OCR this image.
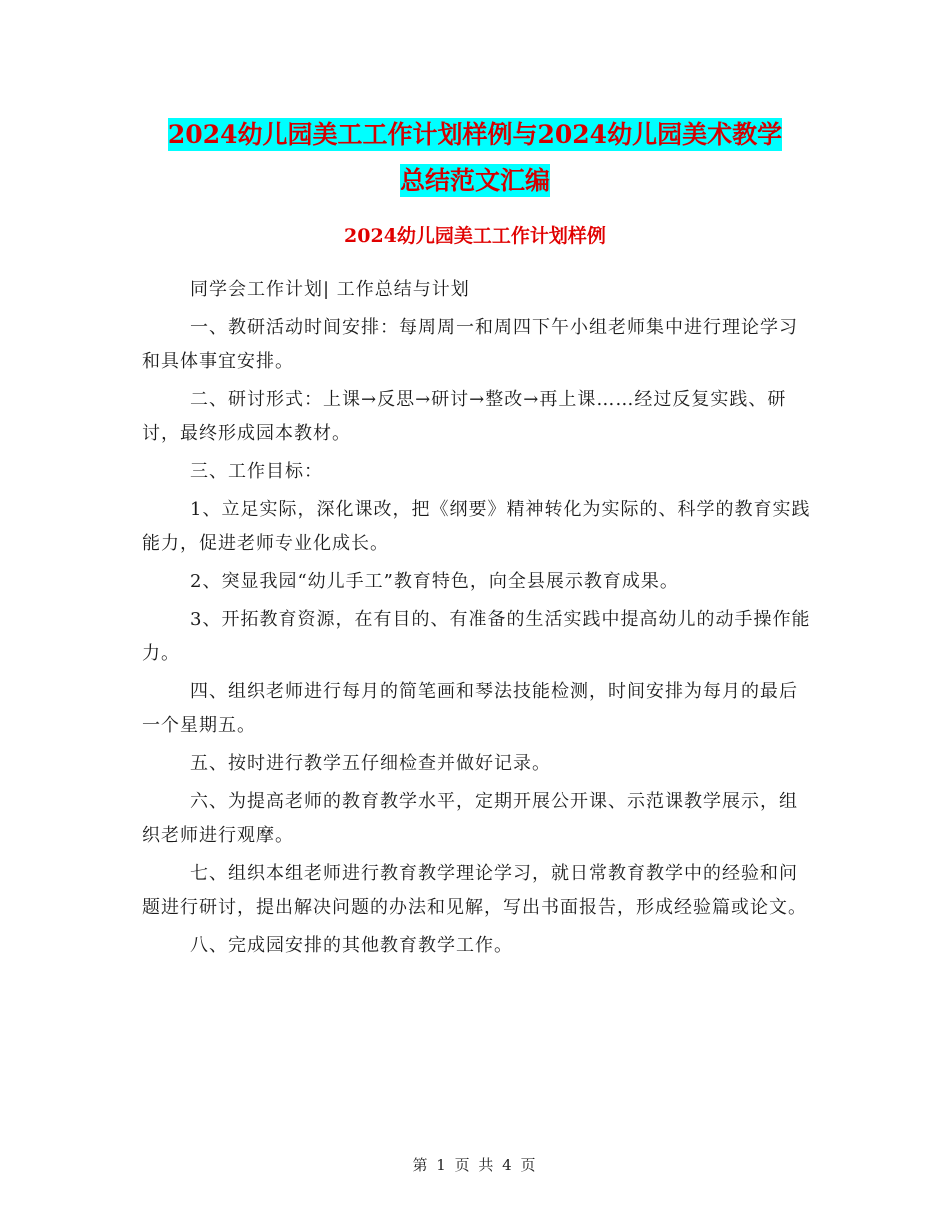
2024幼儿园美工工作计划样例与2024幼儿园美术教学
总结范文汇编
2024幼儿园美工工作计划样例

同学会工作计划| 工作总结与计划

一、教研活动时间安排：每周周一和周四下午小组老师集中进行理论学习和具体事宜安排。

二、研讨形式：上课→反思→研讨→整改→再上课……经过反复实践、研讨，最终形成园本教材。

三、工作目标：

1、立足实际，深化课改，把《纲要》精神转化为实际的、科学的教育实践能力，促进老师专业化成长。

2、突显我园“幼儿手工”教育特色，向全县展示教育成果。

3、开拓教育资源，在有目的、有准备的生活实践中提高幼儿的动手操作能力。

四、组织老师进行每月的简笔画和琴法技能检测，时间安排为每月的最后一个星期五。

五、按时进行教学五仔细检查并做好记录。

六、为提高老师的教育教学水平，定期开展公开课、示范课教学展示，组织老师进行观摩。

七、组织本组老师进行教育教学理论学习，就日常教育教学中的经验和问题进行研讨，提出解决问题的办法和见解，写出书面报告，形成经验篇或论文。

八、完成园安排的其他教育教学工作。

第 1 页 共 4 页
